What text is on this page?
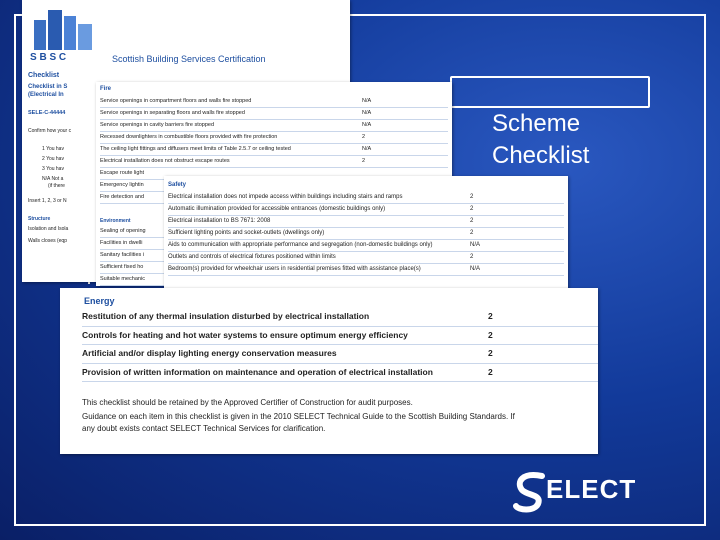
Scheme
Checklist
S B S C	Scottish Building Services Certification
Checklist
Checklist in S
(Electrical In
SELE-C-44444
Confirm how your c
1 You hav
2 You hav
3 You hav
N/A Not a
(if there
Insert 1, 2, 3 or N
Structure
Isolation and Isola
Walls closes (eqp
Fire
Service openings in compartment floors and walls fire stopped	N/A
Service openings in separating floors and walls fire stopped	N/A
Service openings in cavity barriers fire stopped	N/A
Recessed downlighters in combustible floors provided with fire protection	2
The ceiling light fittings and diffusers meet limits of Table 2.5.7 or ceiling tested	N/A
Electrical installation does not obstruct escape routes	2
Escape route light
Emergency lightin
Fire detection and
Environment
Sealing of opening
Facilities in dwelli
Sanitary facilities i
Sufficient fixed ho
Suitable mechanic
Safety
Electrical installation does not impede access within buildings including stairs and ramps	2
Automatic illumination provided for accessible entrances (domestic buildings only)	2
Electrical installation to BS 7671: 2008	2
Sufficient lighting points and socket-outlets (dwellings only)	2
Aids to communication with appropriate performance and segregation (non-domestic buildings only)	N/A
Outlets and controls of electrical fixtures positioned within limits	2
Bedroom(s) provided for wheelchair users in residential premises fitted with assistance place(s)	N/A
Energy
Restitution of any thermal insulation disturbed by electrical installation	2
Controls for heating and hot water systems to ensure optimum energy efficiency	2
Artificial and/or display lighting energy conservation measures	2
Provision of written information on maintenance and operation of electrical installation	2
This checklist should be retained by the Approved Certifier of Construction for audit purposes.
Guidance on each item in this checklist is given in the 2010 SELECT Technical Guide to the Scottish Building Standards. If
any doubt exists contact SELECT Technical Services for clarification.
ELECT
